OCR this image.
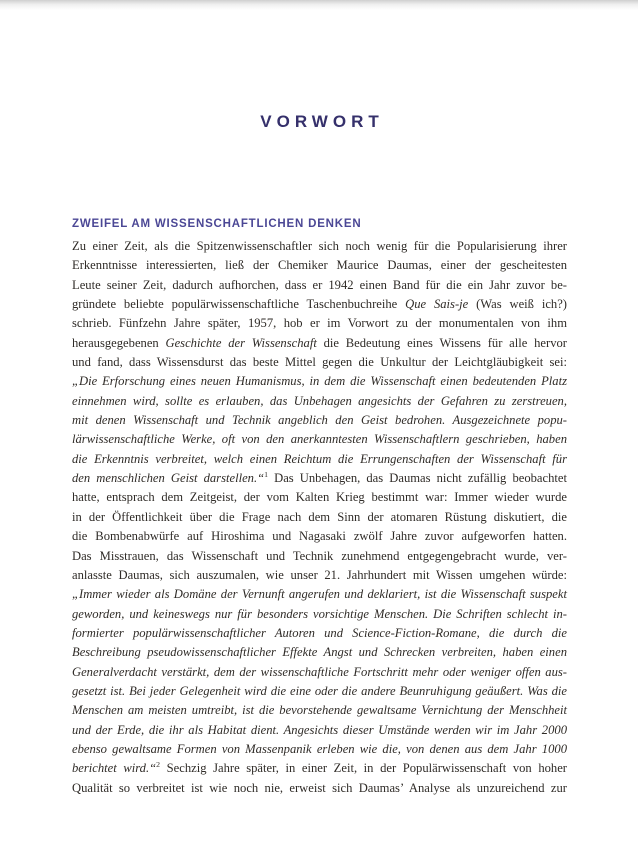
VORWORT
ZWEIFEL AM WISSENSCHAFTLICHEN DENKEN
Zu einer Zeit, als die Spitzenwissenschaftler sich noch wenig für die Popularisierung ihrer
Erkenntnisse interessierten, ließ der Chemiker Maurice Daumas, einer der gescheitesten
Leute seiner Zeit, dadurch aufhorchen, dass er 1942 einen Band für die ein Jahr zuvor be-
gründete beliebte populärwissenschaftliche Taschenbuchreihe Que Sais-je (Was weiß ich?)
schrieb. Fünfzehn Jahre später, 1957, hob er im Vorwort zu der monumentalen von ihm
herausgegebenen Geschichte der Wissenschaft die Bedeutung eines Wissens für alle hervor
und fand, dass Wissensdurst das beste Mittel gegen die Unkultur der Leichtgläubigkeit sei:
„Die Erforschung eines neuen Humanismus, in dem die Wissenschaft einen bedeutenden Platz
einnehmen wird, sollte es erlauben, das Unbehagen angesichts der Gefahren zu zerstreuen,
mit denen Wissenschaft und Technik angeblich den Geist bedrohen. Ausgezeichnete popu-
lärwissenschaftliche Werke, oft von den anerkanntesten Wissenschaftlern geschrieben, haben
die Erkenntnis verbreitet, welch einen Reichtum die Errungenschaften der Wissenschaft für
den menschlichen Geist darstellen.“$^1$ Das Unbehagen, das Daumas nicht zufällig beobachtet
hatte, entsprach dem Zeitgeist, der vom Kalten Krieg bestimmt war: Immer wieder wurde
in der Öffentlichkeit über die Frage nach dem Sinn der atomaren Rüstung diskutiert, die
die Bombenabwürfe auf Hiroshima und Nagasaki zwölf Jahre zuvor aufgeworfen hatten.
Das Misstrauen, das Wissenschaft und Technik zunehmend entgegengebracht wurde, ver-
anlasste Daumas, sich auszumalen, wie unser 21. Jahrhundert mit Wissen umgehen würde:
„Immer wieder als Domäne der Vernunft angerufen und deklariert, ist die Wissenschaft suspekt
geworden, und keineswegs nur für besonders vorsichtige Menschen. Die Schriften schlecht in-
formierter populärwissenschaftlicher Autoren und Science-Fiction-Romane, die durch die
Beschreibung pseudowissenschaftlicher Effekte Angst und Schrecken verbreiten, haben einen
Generalverdacht verstärkt, dem der wissenschaftliche Fortschritt mehr oder weniger offen aus-
gesetzt ist. Bei jeder Gelegenheit wird die eine oder die andere Beunruhigung geäußert. Was die
Menschen am meisten umtreibt, ist die bevorstehende gewaltsame Vernichtung der Menschheit
und der Erde, die ihr als Habitat dient. Angesichts dieser Umstände werden wir im Jahr 2000
ebenso gewaltsame Formen von Massenpanik erleben wie die, von denen aus dem Jahr 1000
berichtet wird.“$^2$ Sechzig Jahre später, in einer Zeit, in der Populärwissenschaft von hoher
Qualität so verbreitet ist wie noch nie, erweist sich Daumas’ Analyse als unzureichend zur
